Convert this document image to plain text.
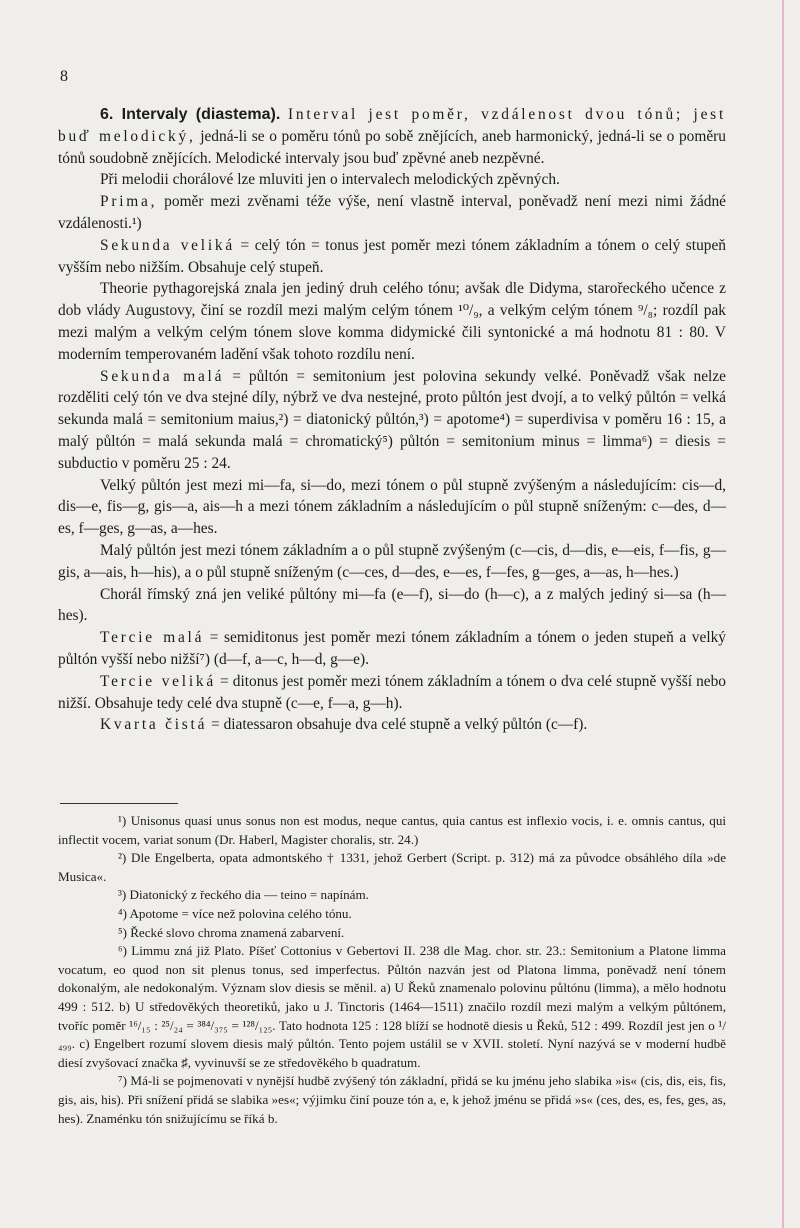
8

6. Intervaly (diastema). Interval jest poměr, vzdálenost dvou tónů; jest buď melodický, jedná-li se o poměru tónů po sobě znějících, aneb harmonický, jedná-li se o poměru tónů soudobně znějících. Melodické intervaly jsou buď zpěvné aneb nezpěvné.

Při melodii chorálové lze mluviti jen o intervalech melodických zpěvných.

Prima, poměr mezi zvěnami téže výše, není vlastně interval, poněvadž není mezi nimi žádné vzdálenosti.¹)

Sekunda veliká = celý tón = tonus jest poměr mezi tónem základním a tónem o celý stupeň vyšším nebo nižším. Obsahuje celý stupeň.

Theorie pythagorejská znala jen jediný druh celého tónu; avšak dle Didyma, starořeckého učence z dob vlády Augustovy, činí se rozdíl mezi malým celým tónem ¹⁰/₉, a velkým celým tónem ⁹/₈; rozdíl pak mezi malým a velkým celým tónem slove komma didymické čili syntonické a má hodnotu 81 : 80. V moderním temperovaném ladění však tohoto rozdílu není.

Sekunda malá = půltón = semitonium jest polovina sekundy velké. Poněvadž však nelze rozděliti celý tón ve dva stejné díly, nýbrž ve dva nestejné, proto půltón jest dvojí, a to velký půltón = velká sekunda malá = semitonium maius,²) = diatonický půltón,³) = apotome⁴) = superdivisa v poměru 16 : 15, a malý půltón = malá sekunda malá = chromatický⁵) půltón = semitonium minus = limma⁶) = diesis = subductio v poměru 25 : 24.

Velký půltón jest mezi mi—fa, si—do, mezi tónem o půl stupně zvýšeným a následujícím: cis—d, dis—e, fis—g, gis—a, ais—h a mezi tónem základním a následujícím o půl stupně sníženým: c—des, d—es, f—ges, g—as, a—hes.

Malý půltón jest mezi tónem základním a o půl stupně zvýšeným (c—cis, d—dis, e—eis, f—fis, g—gis, a—ais, h—his), a o půl stupně sníženým (c—ces, d—des, e—es, f—fes, g—ges, a—as, h—hes.)

Chorál římský zná jen veliké půltóny mi—fa (e—f), si—do (h—c), a z malých jediný si—sa (h—hes).

Tercie malá = semiditonus jest poměr mezi tónem základním a tónem o jeden stupeň a velký půltón vyšší nebo nižší⁷) (d—f, a—c, h—d, g—e).

Tercie veliká = ditonus jest poměr mezi tónem základním a tónem o dva celé stupně vyšší nebo nižší. Obsahuje tedy celé dva stupně (c—e, f—a, g—h).

Kvarta čistá = diatessaron obsahuje dva celé stupně a velký půltón (c—f).

¹) Unisonus quasi unus sonus non est modus, neque cantus, quia cantus est inflexio vocis, i. e. omnis cantus, qui inflectit vocem, variat sonum (Dr. Haberl, Magister choralis, str. 24.)

²) Dle Engelberta, opata admontského † 1331, jehož Gerbert (Script. p. 312) má za původce obsáhlého díla »de Musica«.

³) Diatonický z řeckého dia — teino = napínám.

⁴) Apotome = více než polovina celého tónu.

⁵) Řecké slovo chroma znamená zabarvení.

⁶) Limmu zná již Plato. Píšeť Cottonius v Gebertovi II. 238 dle Mag. chor. str. 23.: Semitonium a Platone limma vocatum, eo quod non sit plenus tonus, sed imperfectus. Půltón nazván jest od Platona limma, poněvadž není tónem dokonalým, ale nedokonalým. Význam slov diesis se měnil. a) U Řeků znamenalo polovinu půltónu (limma), a mělo hodnotu 499 : 512. b) U středověkých theoretiků, jako u J. Tinctoris (1464—1511) značilo rozdíl mezi malým a velkým půltónem, tvoříc poměr ¹⁶/₁₅ : ²⁵/₂₄ = ³⁸⁴/₃₇₅ = ¹²⁸/₁₂₅. Tato hodnota 125 : 128 blíží se hodnotě diesis u Řeků, 512 : 499. Rozdíl jest jen o ¹/₄₉₉. c) Engelbert rozumí slovem diesis malý půltón. Tento pojem ustálil se v XVII. století. Nyní nazývá se v moderní hudbě diesí zvyšovací značka ♯, vyvinuvší se ze středověkého b quadratum.

⁷) Má-li se pojmenovati v nynější hudbě zvýšený tón základní, přidá se ku jménu jeho slabika »is« (cis, dis, eis, fis, gis, ais, his). Při snížení přidá se slabika »es«; výjimku činí pouze tón a, e, k jehož jménu se přidá »s« (ces, des, es, fes, ges, as, hes). Znaménku tón snižujícímu se říká b.
